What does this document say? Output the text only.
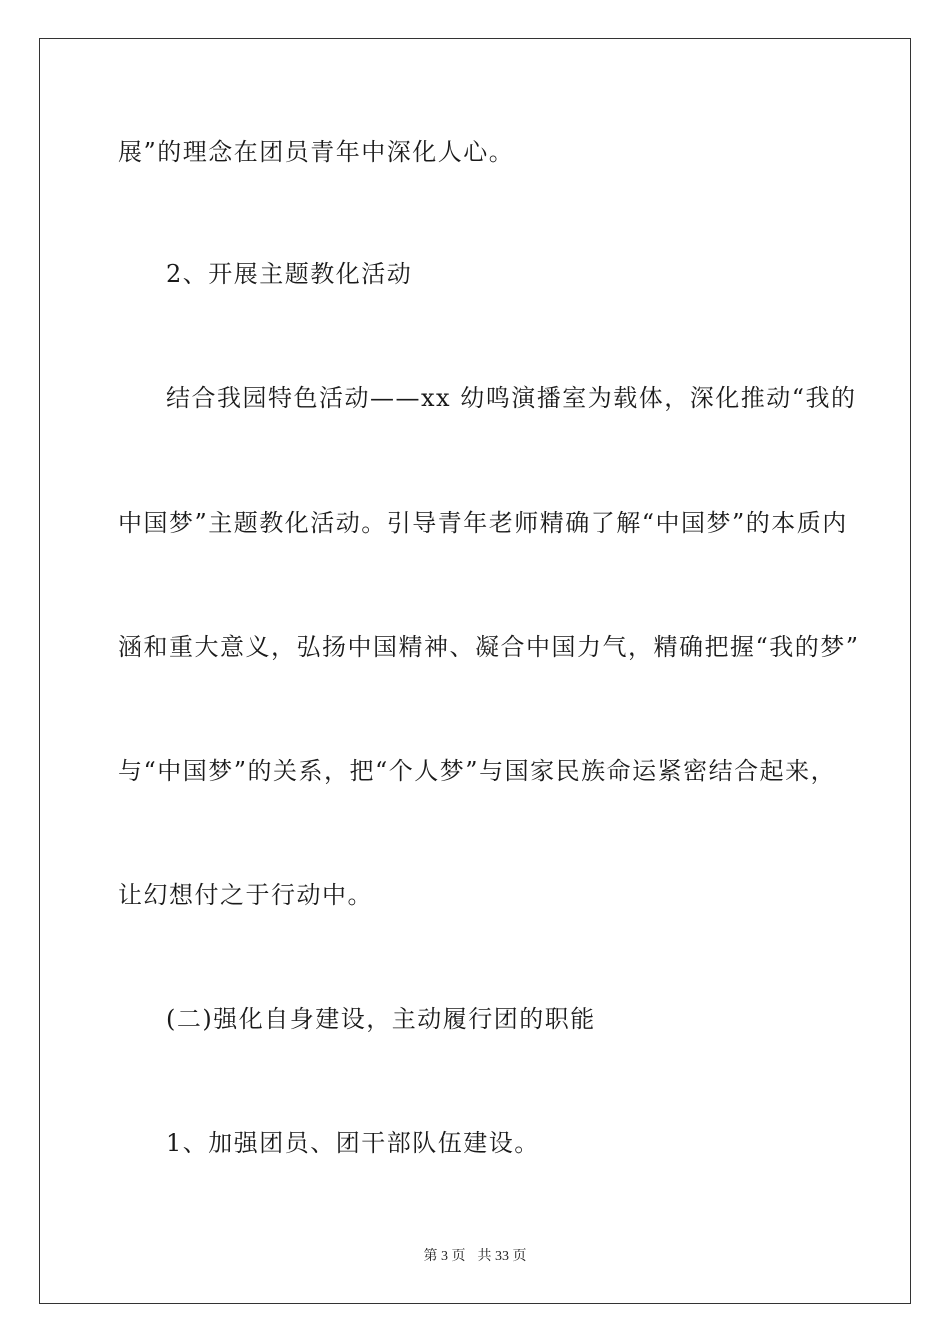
展”的理念在团员青年中深化人心。
2、开展主题教化活动
结合我园特色活动——xx 幼鸣演播室为载体，深化推动“我的
中国梦”主题教化活动。引导青年老师精确了解“中国梦”的本质内
涵和重大意义，弘扬中国精神、凝合中国力气，精确把握“我的梦”
与“中国梦”的关系，把“个人梦”与国家民族命运紧密结合起来，
让幻想付之于行动中。
(二)强化自身建设，主动履行团的职能
1、加强团员、团干部队伍建设。
第 3 页 共 33 页
